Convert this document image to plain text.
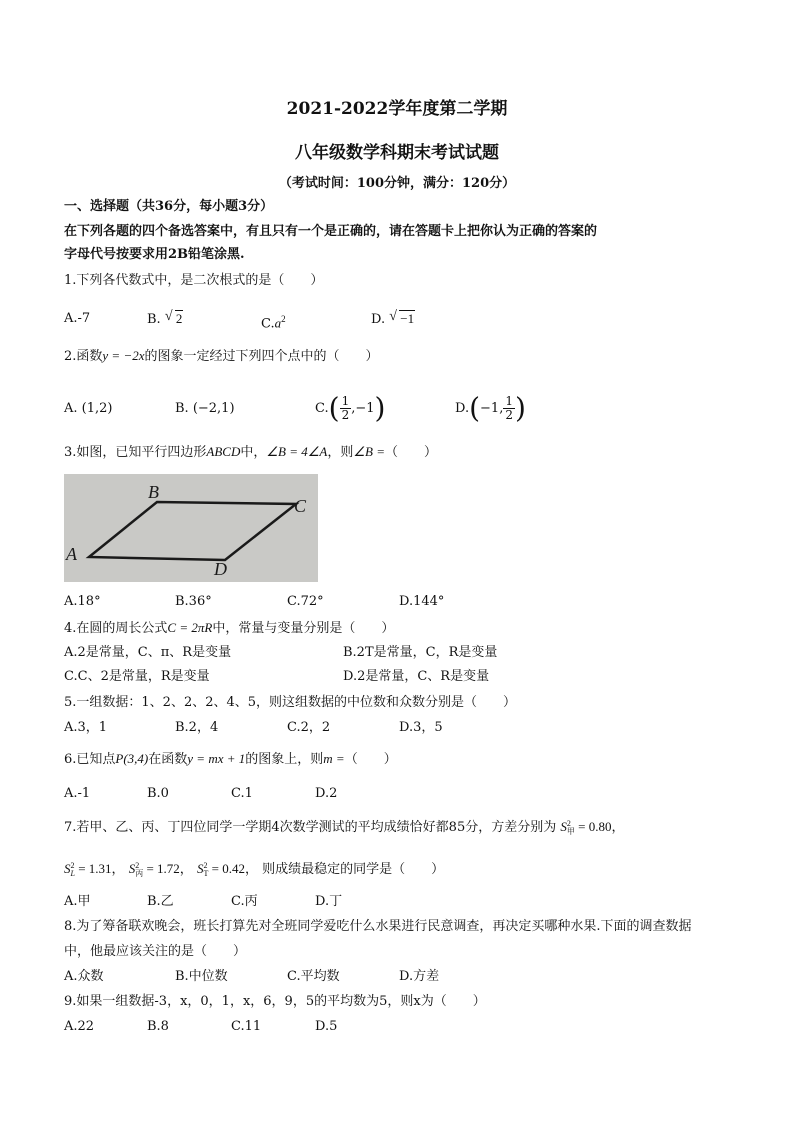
2021-2022学年度第二学期
八年级数学科期末考试试题
（考试时间：100分钟，满分：120分）
一、选择题（共36分，每小题3分）
在下列各题的四个备选答案中，有且只有一个是正确的，请在答题卡上把你认为正确的答案的
字母代号按要求用2B铅笔涂黑.
1.下列各代数式中，是二次根式的是（　　）
A.-7	B. √ 2	$C.a^2$	D. √ −1
2.函数y = −2x的图象一定经过下列四个点中的（　　）
A. (1,2)	B. (−2,1)	$C.( \frac{1}{2} ,-1)$	D.(−1, $\frac{1}{2}$ )
3.如图，已知平行四边形ABCD中，∠B = 4∠A，则∠B =（　　）
A
B
C
D
A.18°	B.36°	C.72°	D.144°
4.在圆的周长公式C = 2πR中，常量与变量分别是（　　）
A.2是常量，C、π、R是变量	B.2T是常量，C，R是变量
C.C、2是常量，R是变量	D.2是常量，C、R是变量
5.一组数据：1、2、2、2、4、5，则这组数据的中位数和众数分别是（　　）
A.3，1	B.2，4	C.2，2	D.3，5
6.已知点P(3,4)在函数y = mx + 1的图象上，则m =（　　）
A.-1	B.0	C.1	D.2
7.若甲、乙、丙、丁四位同学一学期4次数学测试的平均成绩恰好都85分，方差分别为 S 2
甲 = 0.80，
S 2
L = 1.31， S 2
丙 = 1.72， S 2
T = 0.42， 则成绩最稳定的同学是（　　）
A.甲	B.乙	C.丙	D.丁
8.为了筹备联欢晚会，班长打算先对全班同学爱吃什么水果进行民意调查，再决定买哪种水果.下面的调查数据
中，他最应该关注的是（　　）
A.众数	B.中位数	C.平均数	D.方差
9.如果一组数据-3，x，0，1，x，6，9，5的平均数为5，则x为（　　）
A.22	B.8	C.11	D.5
